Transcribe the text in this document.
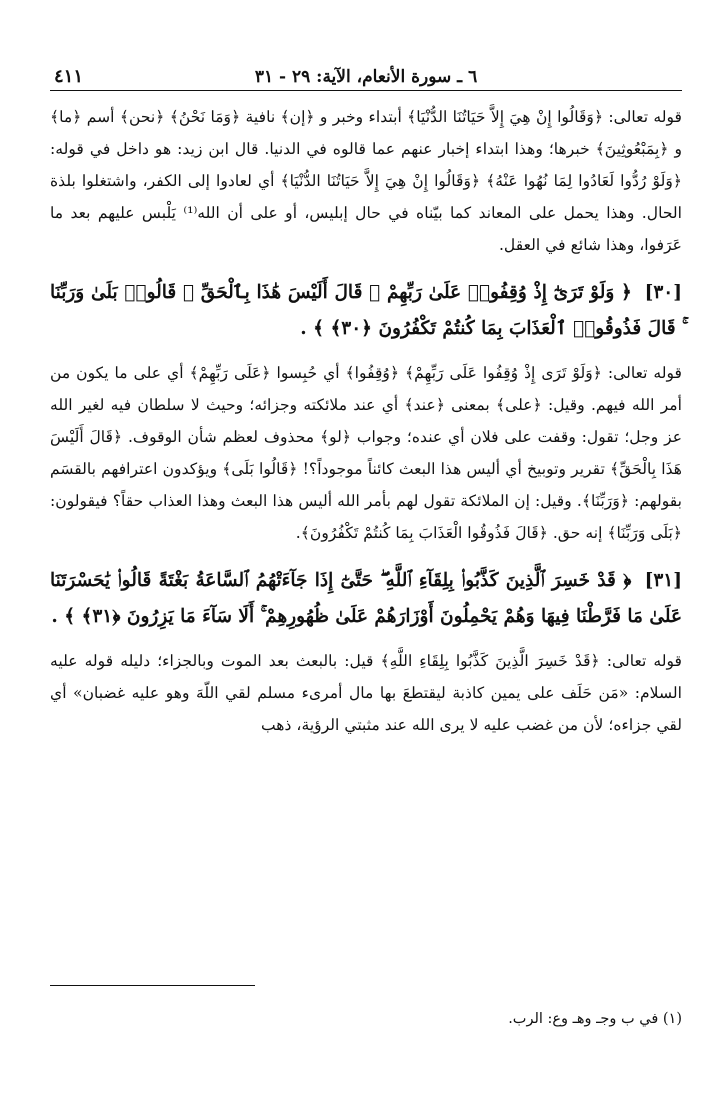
٤١١	٦ ـ سورة الأنعام، الآية: ٢٩ - ٣١

قوله تعالى: ﴿وَقَالُوا إِنْ هِيَ إِلاَّ حَيَاتُنَا الدُّنْيَا﴾ أبتداء وخبر و ﴿إن﴾ نافية ﴿وَمَا نَحْنُ﴾ ﴿نحن﴾ أسم ﴿ما﴾ و ﴿بِمَبْعُوثِينَ﴾ خبرها؛ وهذا ابتداء إخبار عنهم عما قالوه في الدنيا. قال ابن زيد: هو داخل في قوله: ﴿وَلَوْ رُدُّوا لَعَادُوا لِمَا نُهُوا عَنْهُ﴾ ﴿وَقَالُوا إِنْ هِيَ إِلاَّ حَيَاتُنَا الدُّنْيَا﴾ أي لعادوا إلى الكفر، واشتغلوا بلذة الحال. وهذا يحمل على المعاند كما بيّناه في حال إبليس، أو على أن الله⁽¹⁾ يَلْبس عليهم بعد ما عَرَفوا، وهذا شائع في العقل.

[٣٠] ﴿ وَلَوْ تَرَىٰٓ إِذْ وُقِفُوا۟ عَلَىٰ رَبِّهِمْ ۚ قَالَ أَلَيْسَ هَٰذَا بِٱلْحَقِّ ۚ قَالُوا۟ بَلَىٰ وَرَبِّنَا ۚ قَالَ فَذُوقُوا۟ ٱلْعَذَابَ بِمَا كُنتُمْ تَكْفُرُونَ ﴿٣٠﴾ ﴾ .

قوله تعالى: ﴿وَلَوْ تَرَى إِذْ وُقِفُوا عَلَى رَبِّهِمْ﴾ ﴿وُقِفُوا﴾ أي حُبِسوا ﴿عَلَى رَبِّهِمْ﴾ أي على ما يكون من أمر الله فيهم. وقيل: ﴿على﴾ بمعنى ﴿عند﴾ أي عند ملائكته وجزائه؛ وحيث لا سلطان فيه لغير الله عز وجل؛ تقول: وقفت على فلان أي عنده؛ وجواب ﴿لو﴾ محذوف لعظم شأن الوقوف. ﴿قَالَ أَلَيْسَ هَذَا بِالْحَقِّ﴾ تقرير وتوبيخ أي أليس هذا البعث كائناً موجوداً؟! ﴿قَالُوا بَلَى﴾ ويؤكدون اعترافهم بالقسَم بقولهم: ﴿وَرَبِّنَا﴾. وقيل: إن الملائكة تقول لهم بأمر الله أليس هذا البعث وهذا العذاب حقاً؟ فيقولون: ﴿بَلَى وَرَبِّنَا﴾ إنه حق. ﴿قَالَ فَذُوقُوا الْعَذَابَ بِمَا كُنتُمْ تَكْفُرُونَ﴾.

[٣١] ﴿ قَدْ خَسِرَ ٱلَّذِينَ كَذَّبُوا۟ بِلِقَآءِ ٱللَّهِ ۖ حَتَّىٰٓ إِذَا جَآءَتْهُمُ ٱلسَّاعَةُ بَغْتَةً قَالُوا۟ يَٰحَسْرَتَنَا عَلَىٰ مَا فَرَّطْنَا فِيهَا وَهُمْ يَحْمِلُونَ أَوْزَارَهُمْ عَلَىٰ ظُهُورِهِمْ ۚ أَلَا سَآءَ مَا يَزِرُونَ ﴿٣١﴾ ﴾ .

قوله تعالى: ﴿قَدْ خَسِرَ الَّذِينَ كَذَّبُوا بِلِقَاءِ اللَّهِ﴾ قيل: بالبعث بعد الموت وبالجزاء؛ دليله قوله عليه السلام: «مَن حَلَف على يمين كاذبة ليقتطعَ بها مال أمرىء مسلم لقي اللّهَ وهو عليه غضبان» أي لقي جزاءه؛ لأن من غضب عليه لا يرى الله عند مثبتي الرؤية، ذهب

(١) في ب وجـ وهـ وع: الرب.
